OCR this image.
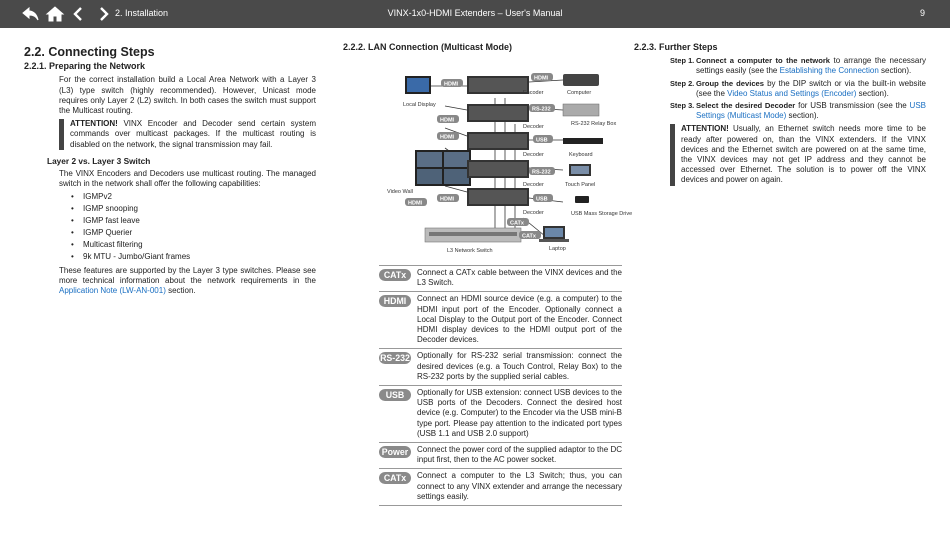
2. Installation	VINX-1x0-HDMI Extenders – User's Manual	9
2.2. Connecting Steps
2.2.1. Preparing the Network

For the correct installation build a Local Area Network with a Layer 3 (L3) type switch (highly recommended). However, Unicast mode requires only Layer 2 (L2) switch. In both cases the switch must support the Multicast routing.

ATTENTION! VINX Encoder and Decoder send certain system commands over multicast packages. If the multicast routing is disabled on the network, the signal transmission may fail.
Layer 2 vs. Layer 3 Switch

The VINX Encoders and Decoders use multicast routing. The managed switch in the network shall offer the following capabilities:

• IGMPv2
• IGMP snooping
• IGMP fast leave
• IGMP Querier
• Multicast filtering
• 9k MTU - Jumbo/Giant frames

These features are supported by the Layer 3 type switches. Please see more technical information about the network requirements in the Application Note (LW-AN-001) section.

2.2.2. LAN Connection (Multicast Mode)
Local Display
Video Wall
Encoder
Decoder
Decoder
Decoder
Decoder
Computer
RS-232 Relay Box
Keyboard
Touch Panel
USB Mass Storage Drive
L3 Network Switch	Laptop
HDMI
HDMI
HDMI
HDMI
HDMI
HDMI
RS-232
USB
RS-232
USB
CATx
CATx
CATx	Connect a CATx cable between the VINX devices and the L3 Switch.
HDMI	Connect an HDMI source device (e.g. a computer) to the HDMI input port of the Encoder. Optionally connect a Local Display to the Output port of the Encoder. Connect HDMI display devices to the HDMI output port of the Decoder devices.
RS-232 Optionally for RS-232 serial transmission: connect the desired devices (e.g. a Touch Control, Relay Box) to the RS-232 ports by the supplied serial cables.
USB	Optionally for USB extension: connect USB devices to the USB ports of the Decoders. Connect the desired host device (e.g. Computer) to the Encoder via the USB mini-B type port. Please pay attention to the indicated port types (USB 1.1 and USB 2.0 support)
Power	Connect the power cord of the supplied adaptor to the DC input first, then to the AC power socket.
CATx	Connect a computer to the L3 Switch; thus, you can connect to any VINX extender and arrange the necessary settings easily.
2.2.3. Further Steps
Step 1. Connect a computer to the network to arrange the necessary settings easily (see the Establishing the Connection section).
Step 2. Group the devices by the DIP switch or via the built-in website (see the Video Status and Settings (Encoder) section).
Step 3. Select the desired Decoder for USB transmission (see the USB Settings (Multicast Mode) section).
ATTENTION! Usually, an Ethernet switch needs more time to be ready after powered on, than the VINX extenders. If the VINX devices and the Ethernet switch are powered on at the same time, the VINX devices may not get IP address and they cannot be accessed over Ethernet. The solution is to power off the VINX devices and power on again.
